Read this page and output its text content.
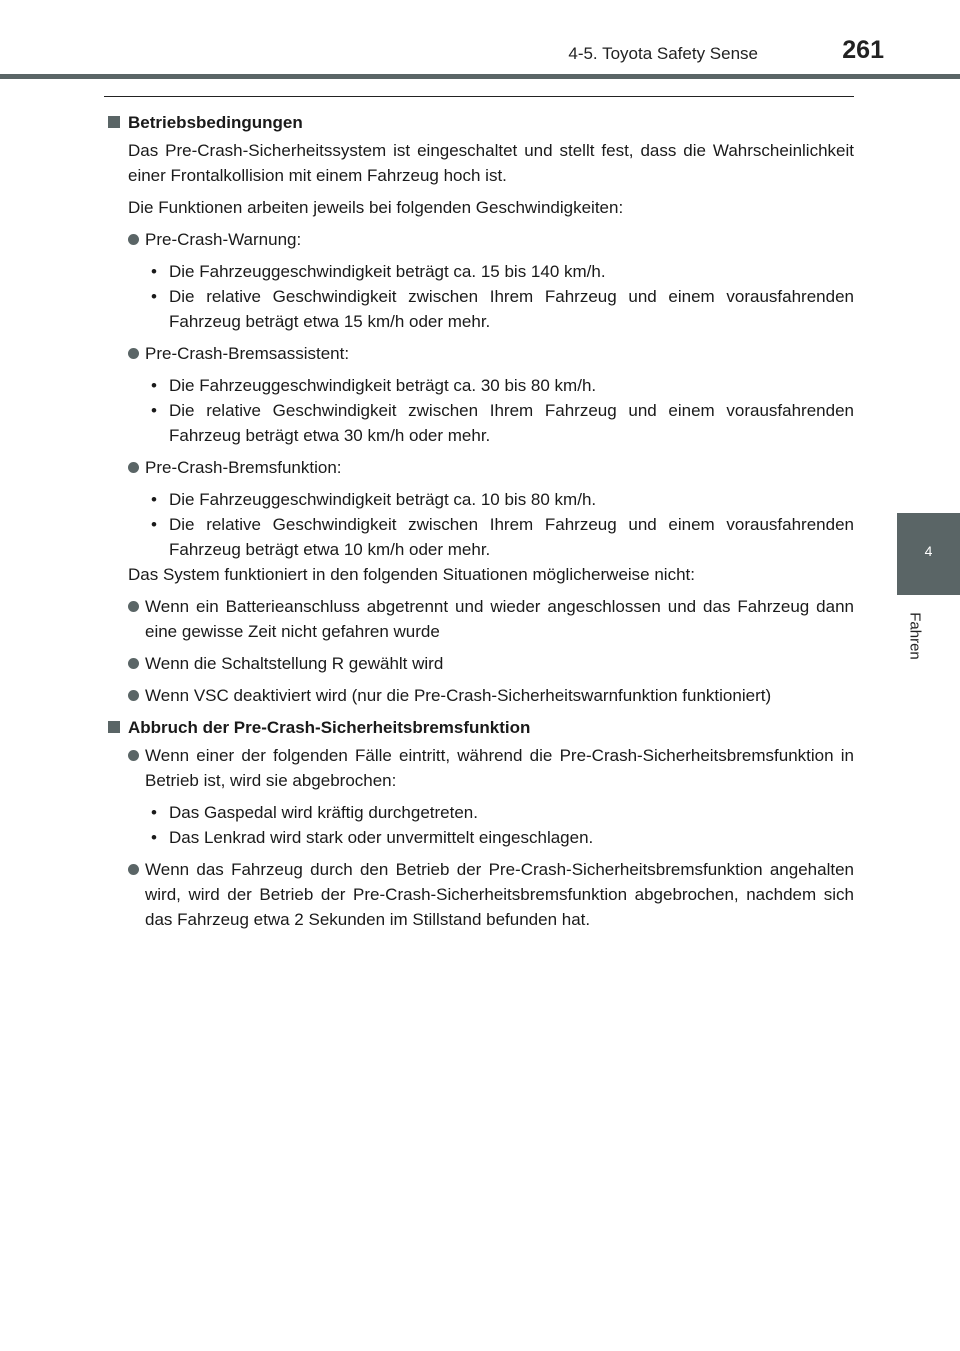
4-5. Toyota Safety Sense	261
4
Fahren
Betriebsbedingungen
Das Pre-Crash-Sicherheitssystem ist eingeschaltet und stellt fest, dass die Wahrscheinlichkeit einer Frontalkollision mit einem Fahrzeug hoch ist.
Die Funktionen arbeiten jeweils bei folgenden Geschwindigkeiten:
Pre-Crash-Warnung:
• Die Fahrzeuggeschwindigkeit beträgt ca. 15 bis 140 km/h.
• Die relative Geschwindigkeit zwischen Ihrem Fahrzeug und einem vorausfahrenden Fahrzeug beträgt etwa 15 km/h oder mehr.
Pre-Crash-Bremsassistent:
• Die Fahrzeuggeschwindigkeit beträgt ca. 30 bis 80 km/h.
• Die relative Geschwindigkeit zwischen Ihrem Fahrzeug und einem vorausfahrenden Fahrzeug beträgt etwa 30 km/h oder mehr.
Pre-Crash-Bremsfunktion:
• Die Fahrzeuggeschwindigkeit beträgt ca. 10 bis 80 km/h.
• Die relative Geschwindigkeit zwischen Ihrem Fahrzeug und einem vorausfahrenden Fahrzeug beträgt etwa 10 km/h oder mehr.
Das System funktioniert in den folgenden Situationen möglicherweise nicht:
Wenn ein Batterieanschluss abgetrennt und wieder angeschlossen und das Fahrzeug dann eine gewisse Zeit nicht gefahren wurde
Wenn die Schaltstellung R gewählt wird
Wenn VSC deaktiviert wird (nur die Pre-Crash-Sicherheitswarnfunktion funktioniert)
Abbruch der Pre-Crash-Sicherheitsbremsfunktion
Wenn einer der folgenden Fälle eintritt, während die Pre-Crash-Sicherheitsbremsfunktion in Betrieb ist, wird sie abgebrochen:
• Das Gaspedal wird kräftig durchgetreten.
• Das Lenkrad wird stark oder unvermittelt eingeschlagen.
Wenn das Fahrzeug durch den Betrieb der Pre-Crash-Sicherheitsbremsfunktion angehalten wird, wird der Betrieb der Pre-Crash-Sicherheitsbremsfunktion abgebrochen, nachdem sich das Fahrzeug etwa 2 Sekunden im Stillstand befunden hat.
